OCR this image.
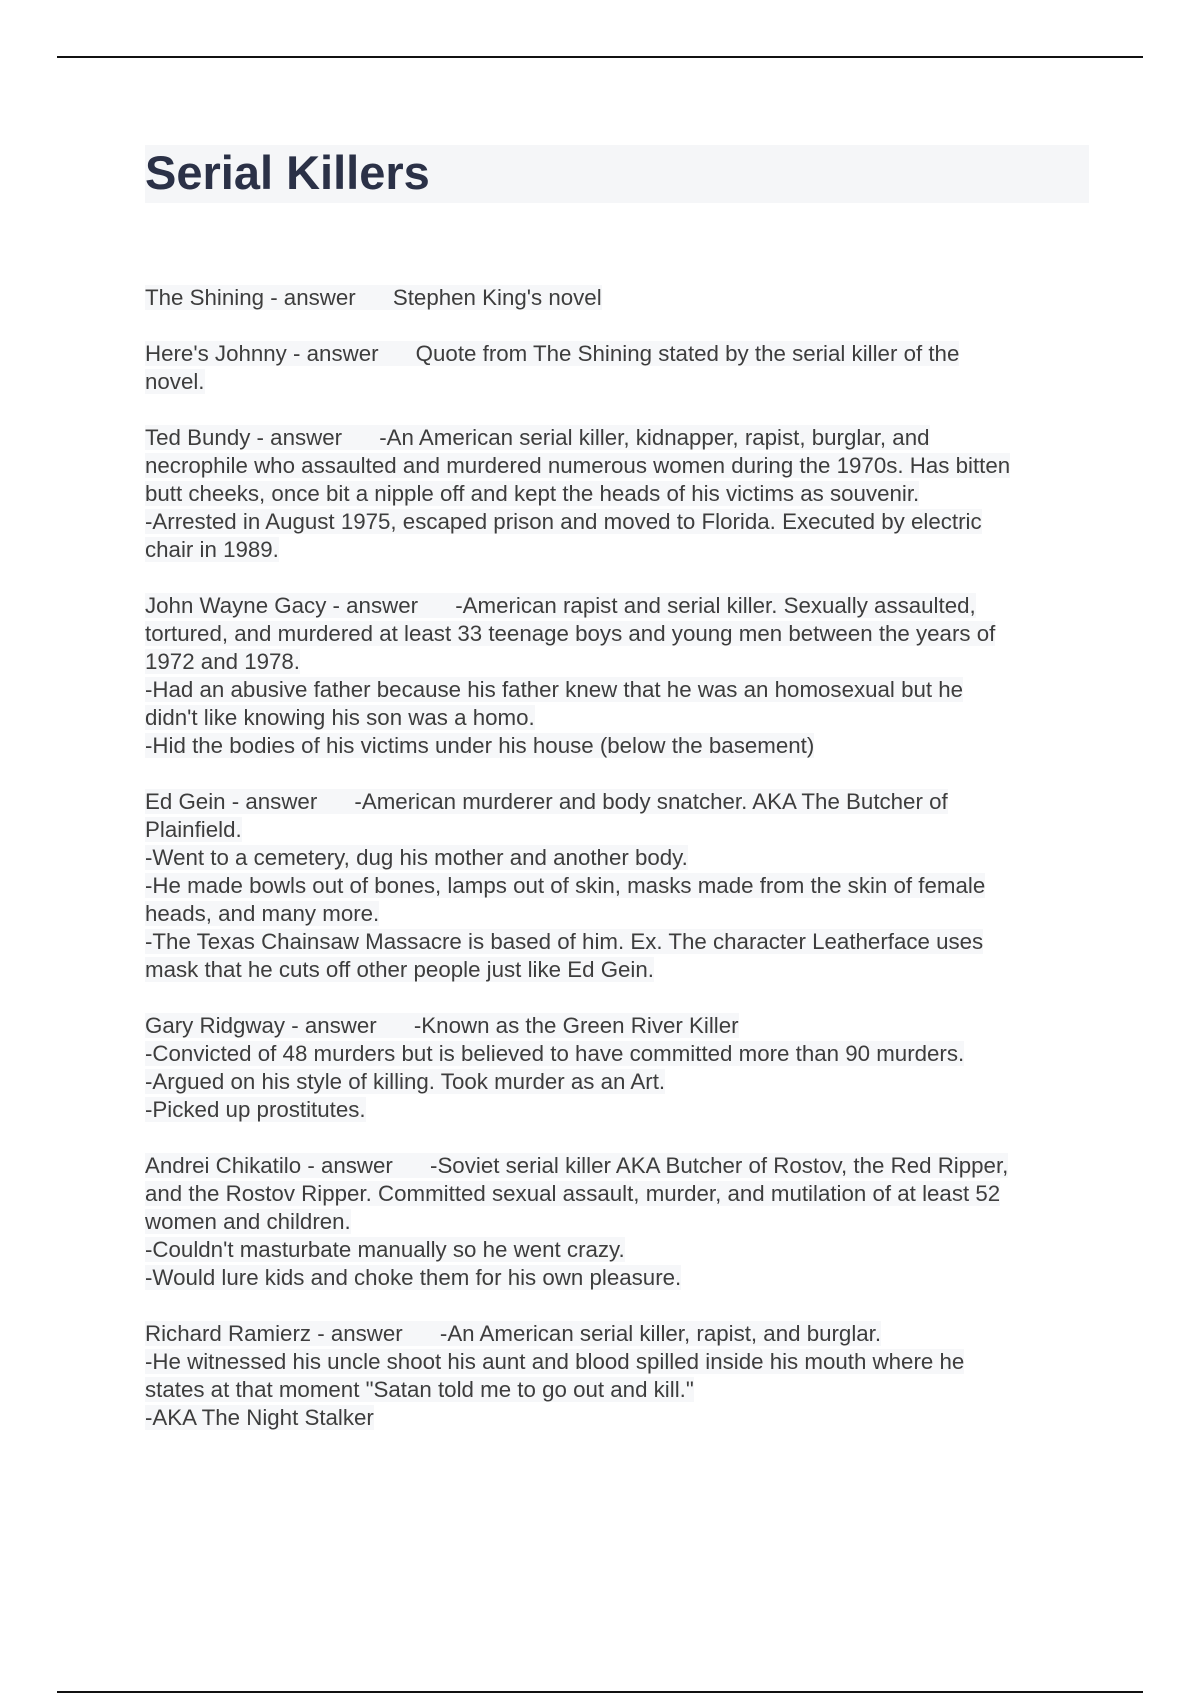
Serial Killers
The Shining - answer      Stephen King's novel
Here's Johnny - answer      Quote from The Shining stated by the serial killer of the
novel.
Ted Bundy - answer      -An American serial killer, kidnapper, rapist, burglar, and
necrophile who assaulted and murdered numerous women during the 1970s. Has bitten
butt cheeks, once bit a nipple off and kept the heads of his victims as souvenir.
-Arrested in August 1975, escaped prison and moved to Florida. Executed by electric
chair in 1989.
John Wayne Gacy - answer      -American rapist and serial killer. Sexually assaulted,
tortured, and murdered at least 33 teenage boys and young men between the years of
1972 and 1978.
-Had an abusive father because his father knew that he was an homosexual but he
didn't like knowing his son was a homo.
-Hid the bodies of his victims under his house (below the basement)
Ed Gein - answer      -American murderer and body snatcher. AKA The Butcher of
Plainfield.
-Went to a cemetery, dug his mother and another body.
-He made bowls out of bones, lamps out of skin, masks made from the skin of female
heads, and many more.
-The Texas Chainsaw Massacre is based of him. Ex. The character Leatherface uses
mask that he cuts off other people just like Ed Gein.
Gary Ridgway - answer      -Known as the Green River Killer
-Convicted of 48 murders but is believed to have committed more than 90 murders.
-Argued on his style of killing. Took murder as an Art.
-Picked up prostitutes.
Andrei Chikatilo - answer      -Soviet serial killer AKA Butcher of Rostov, the Red Ripper,
and the Rostov Ripper. Committed sexual assault, murder, and mutilation of at least 52
women and children.
-Couldn't masturbate manually so he went crazy.
-Would lure kids and choke them for his own pleasure.
Richard Ramierz - answer      -An American serial killer, rapist, and burglar.
-He witnessed his uncle shoot his aunt and blood spilled inside his mouth where he
states at that moment "Satan told me to go out and kill."
-AKA The Night Stalker
